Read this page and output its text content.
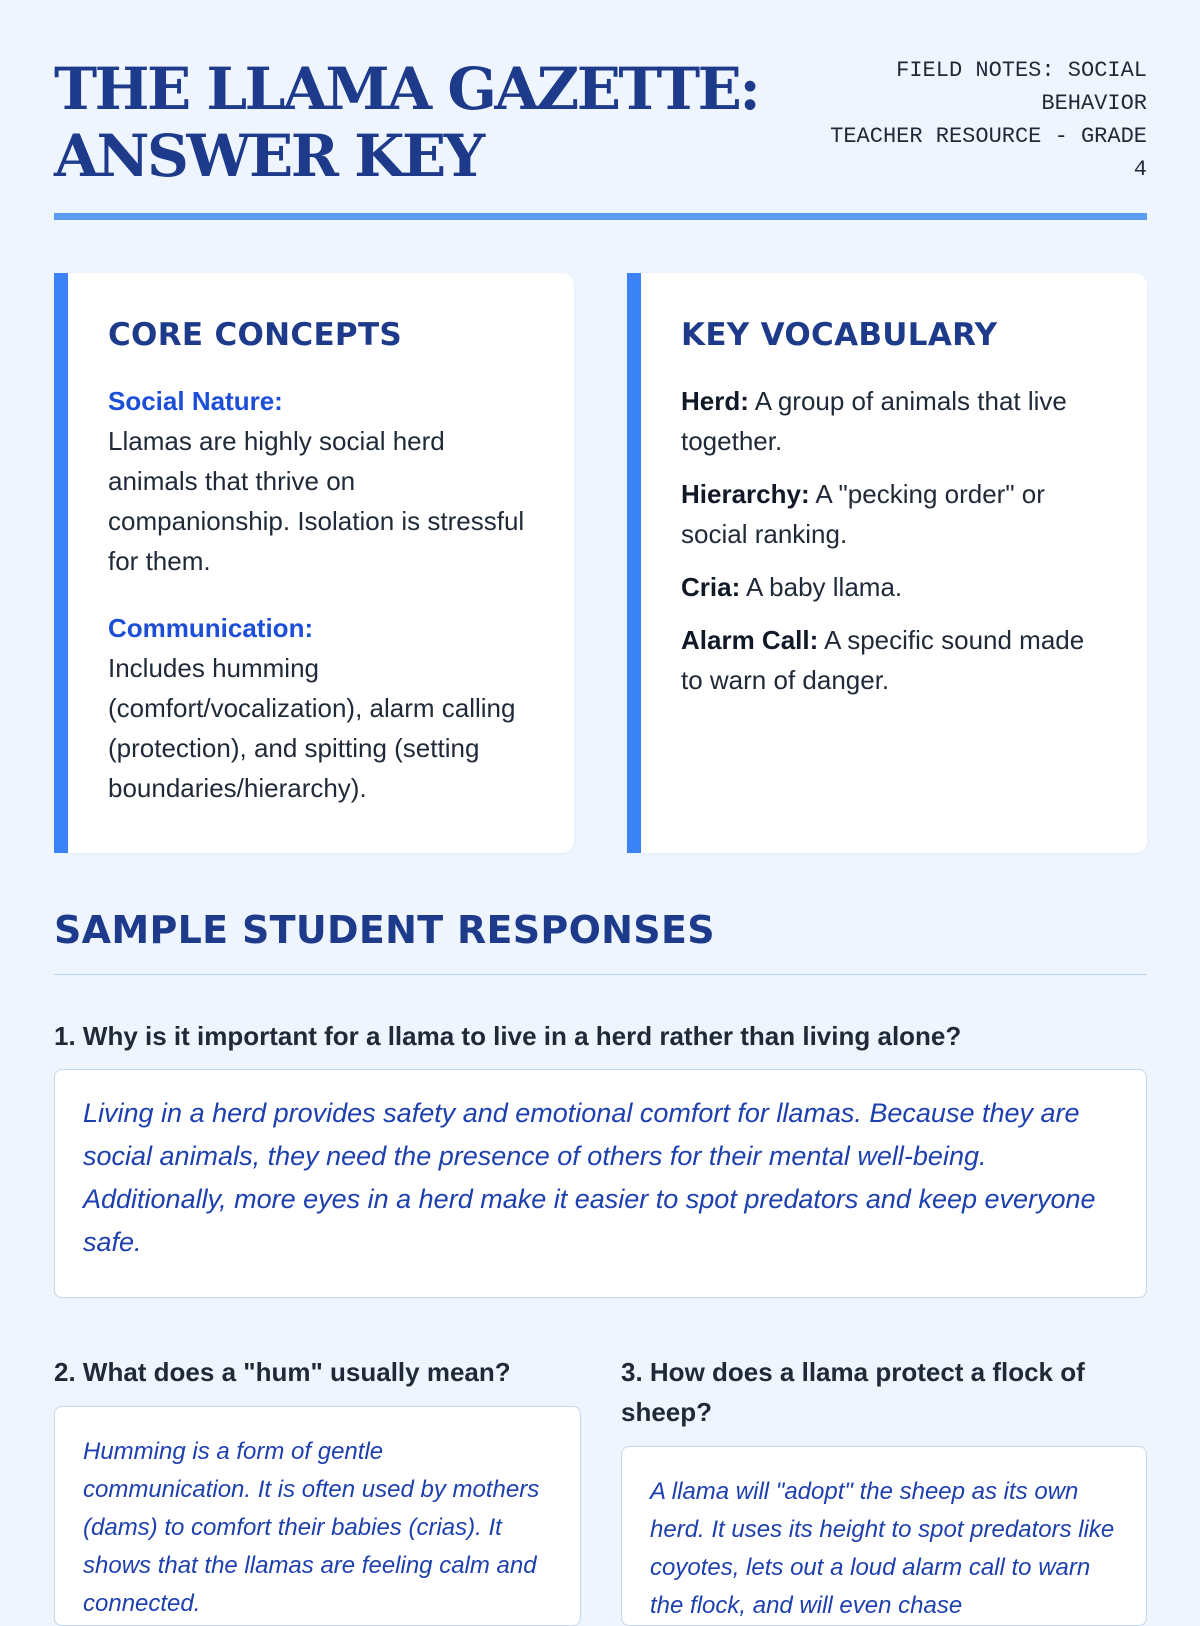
THE LLAMA GAZETTE: ANSWER KEY
FIELD NOTES: SOCIAL BEHAVIOR
TEACHER RESOURCE - GRADE 4
CORE CONCEPTS
Social Nature:
Llamas are highly social herd animals that thrive on companionship. Isolation is stressful for them.
Communication:
Includes humming (comfort/vocalization), alarm calling (protection), and spitting (setting boundaries/hierarchy).
KEY VOCABULARY
Herd: A group of animals that live together.
Hierarchy: A "pecking order" or social ranking.
Cria: A baby llama.
Alarm Call: A specific sound made to warn of danger.
SAMPLE STUDENT RESPONSES
1. Why is it important for a llama to live in a herd rather than living alone?
Living in a herd provides safety and emotional comfort for llamas. Because they are social animals, they need the presence of others for their mental well-being. Additionally, more eyes in a herd make it easier to spot predators and keep everyone safe.
2. What does a "hum" usually mean?
Humming is a form of gentle communication. It is often used by mothers (dams) to comfort their babies (crias). It shows that the llamas are feeling calm and connected.
3. How does a llama protect a flock of sheep?
A llama will "adopt" the sheep as its own herd. It uses its height to spot predators like coyotes, lets out a loud alarm call to warn the flock, and will even chase
